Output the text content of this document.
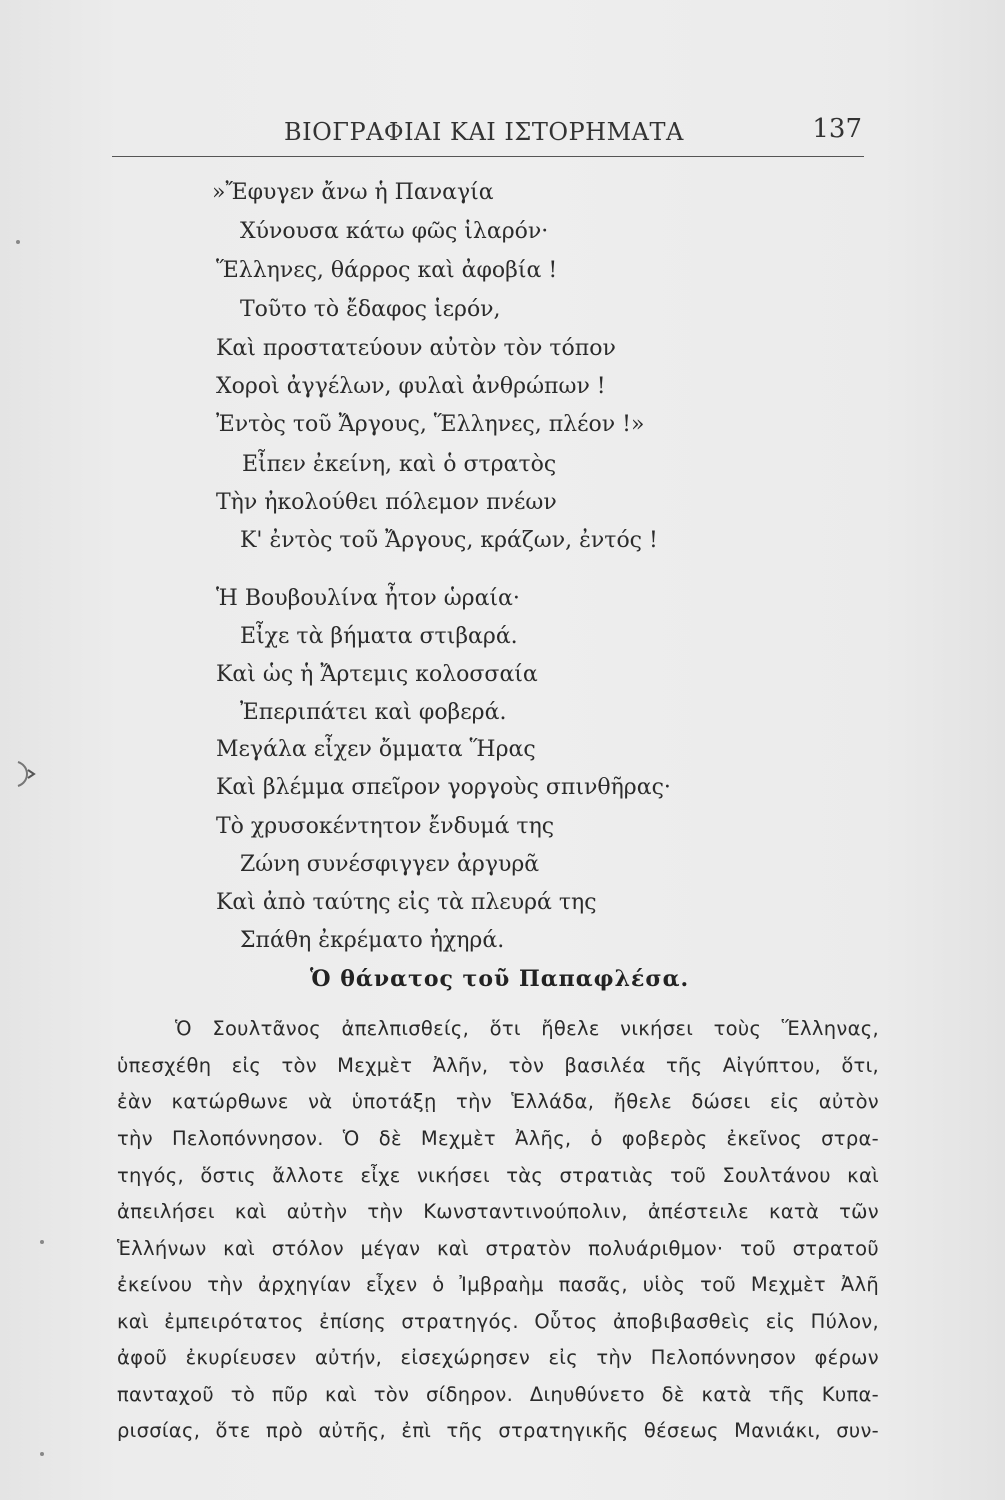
ΒΙΟΓΡΑΦΙΑΙ ΚΑΙ ΙΣΤΟΡΗΜΑΤΑ	137
»Ἔφυγεν ἄνω ἡ Παναγία
Χύνουσα κάτω φῶς ἱλαρόν·
Ἕλληνες, θάρρος καὶ ἀφοβία !
Τοῦτο τὸ ἔδαφος ἱερόν,
Καὶ προστατεύουν αὐτὸν τὸν τόπον
Χοροὶ ἀγγέλων, φυλαὶ ἀνθρώπων !
Ἐντὸς τοῦ Ἄργους, Ἕλληνες, πλέον !»
Εἶπεν ἐκείνη, καὶ ὁ στρατὸς
Τὴν ἠκολούθει πόλεμον πνέων
Κ' ἐντὸς τοῦ Ἄργους, κράζων, ἐντός !
Ἡ Βουβουλίνα ἦτον ὡραία·
Εἶχε τὰ βήματα στιβαρά.
Καὶ ὡς ἡ Ἄρτεμις κολοσσαία
Ἐπεριπάτει καὶ φοβερά.
Μεγάλα εἶχεν ὄμματα Ἥρας
Καὶ βλέμμα σπεῖρον γοργοὺς σπινθῆρας·
Τὸ χρυσοκέντητον ἔνδυμά της
Ζώνη συνέσφιγγεν ἀργυρᾶ
Καὶ ἀπὸ ταύτης εἰς τὰ πλευρά της
Σπάθη ἐκρέματο ἠχηρά.
Ὁ θάνατος τοῦ Παπαφλέσα.
Ὁ Σουλτᾶνος ἀπελπισθείς, ὅτι ἤθελε νικήσει τοὺς Ἕλληνας,
ὑπεσχέθη εἰς τὸν Μεχμὲτ Ἀλῆν, τὸν βασιλέα τῆς Αἰγύπτου, ὅτι,
ἐὰν κατώρθωνε νὰ ὑποτάξῃ τὴν Ἑλλάδα, ἤθελε δώσει εἰς αὐτὸν
τὴν Πελοπόννησον. Ὁ δὲ Μεχμὲτ Ἀλῆς, ὁ φοβερὸς ἐκεῖνος στρα-
τηγός, ὅστις ἄλλοτε εἶχε νικήσει τὰς στρατιὰς τοῦ Σουλτάνου καὶ
ἀπειλήσει καὶ αὐτὴν τὴν Κωνσταντινούπολιν, ἀπέστειλε κατὰ τῶν
Ἑλλήνων καὶ στόλον μέγαν καὶ στρατὸν πολυάριθμον· τοῦ στρατοῦ
ἐκείνου τὴν ἀρχηγίαν εἶχεν ὁ Ἰμβραὴμ πασᾶς, υἱὸς τοῦ Μεχμὲτ Ἀλῆ
καὶ ἐμπειρότατος ἐπίσης στρατηγός. Οὗτος ἀποβιβασθεὶς εἰς Πύλον,
ἀφοῦ ἐκυρίευσεν αὐτήν, εἰσεχώρησεν εἰς τὴν Πελοπόννησον φέρων
πανταχοῦ τὸ πῦρ καὶ τὸν σίδηρον. Διηυθύνετο δὲ κατὰ τῆς Κυπα-
ρισσίας, ὅτε πρὸ αὐτῆς, ἐπὶ τῆς στρατηγικῆς θέσεως Μανιάκι, συν-
